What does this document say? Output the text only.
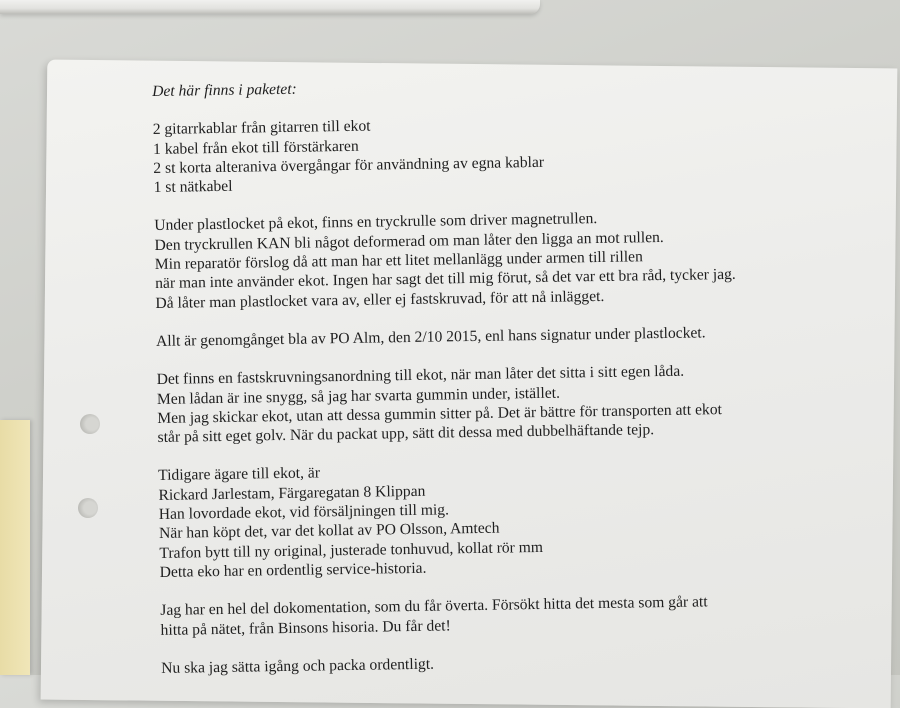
Det här finns i paketet:
2 gitarrkablar från gitarren till ekot
1 kabel från ekot till förstärkaren
2 st korta alteraniva övergångar för användning av egna kablar
1 st nätkabel
Under plastlocket på ekot, finns en tryckrulle som driver magnetrullen.
Den tryckrullen KAN bli något deformerad om man låter den ligga an mot rullen.
Min reparatör förslog då att man har ett litet mellanlägg under armen till rillen
när man inte använder ekot. Ingen har sagt det till mig förut, så det var ett bra råd, tycker jag.
Då låter man plastlocket vara av, eller ej fastskruvad, för att nå inlägget.
Allt är genomgånget bla av PO Alm, den 2/10 2015, enl hans signatur under plastlocket.
Det finns en fastskruvningsanordning till ekot, när man låter det sitta i sitt egen låda.
Men lådan är ine snygg, så jag har svarta gummin under, istället.
Men jag skickar ekot, utan att dessa gummin sitter på. Det är bättre för transporten att ekot
står på sitt eget golv. När du packat upp, sätt dit dessa med dubbelhäftande tejp.
Tidigare ägare till ekot, är
Rickard Jarlestam, Färgaregatan 8 Klippan
Han lovordade ekot, vid försäljningen till mig.
När han köpt det, var det kollat av PO Olsson, Amtech
Trafon bytt till ny original, justerade tonhuvud, kollat rör mm
Detta eko har en ordentlig service-historia.
Jag har en hel del dokomentation, som du får överta. Försökt hitta det mesta som går att
hitta på nätet, från Binsons hisoria. Du får det!
Nu ska jag sätta igång och packa ordentligt.
